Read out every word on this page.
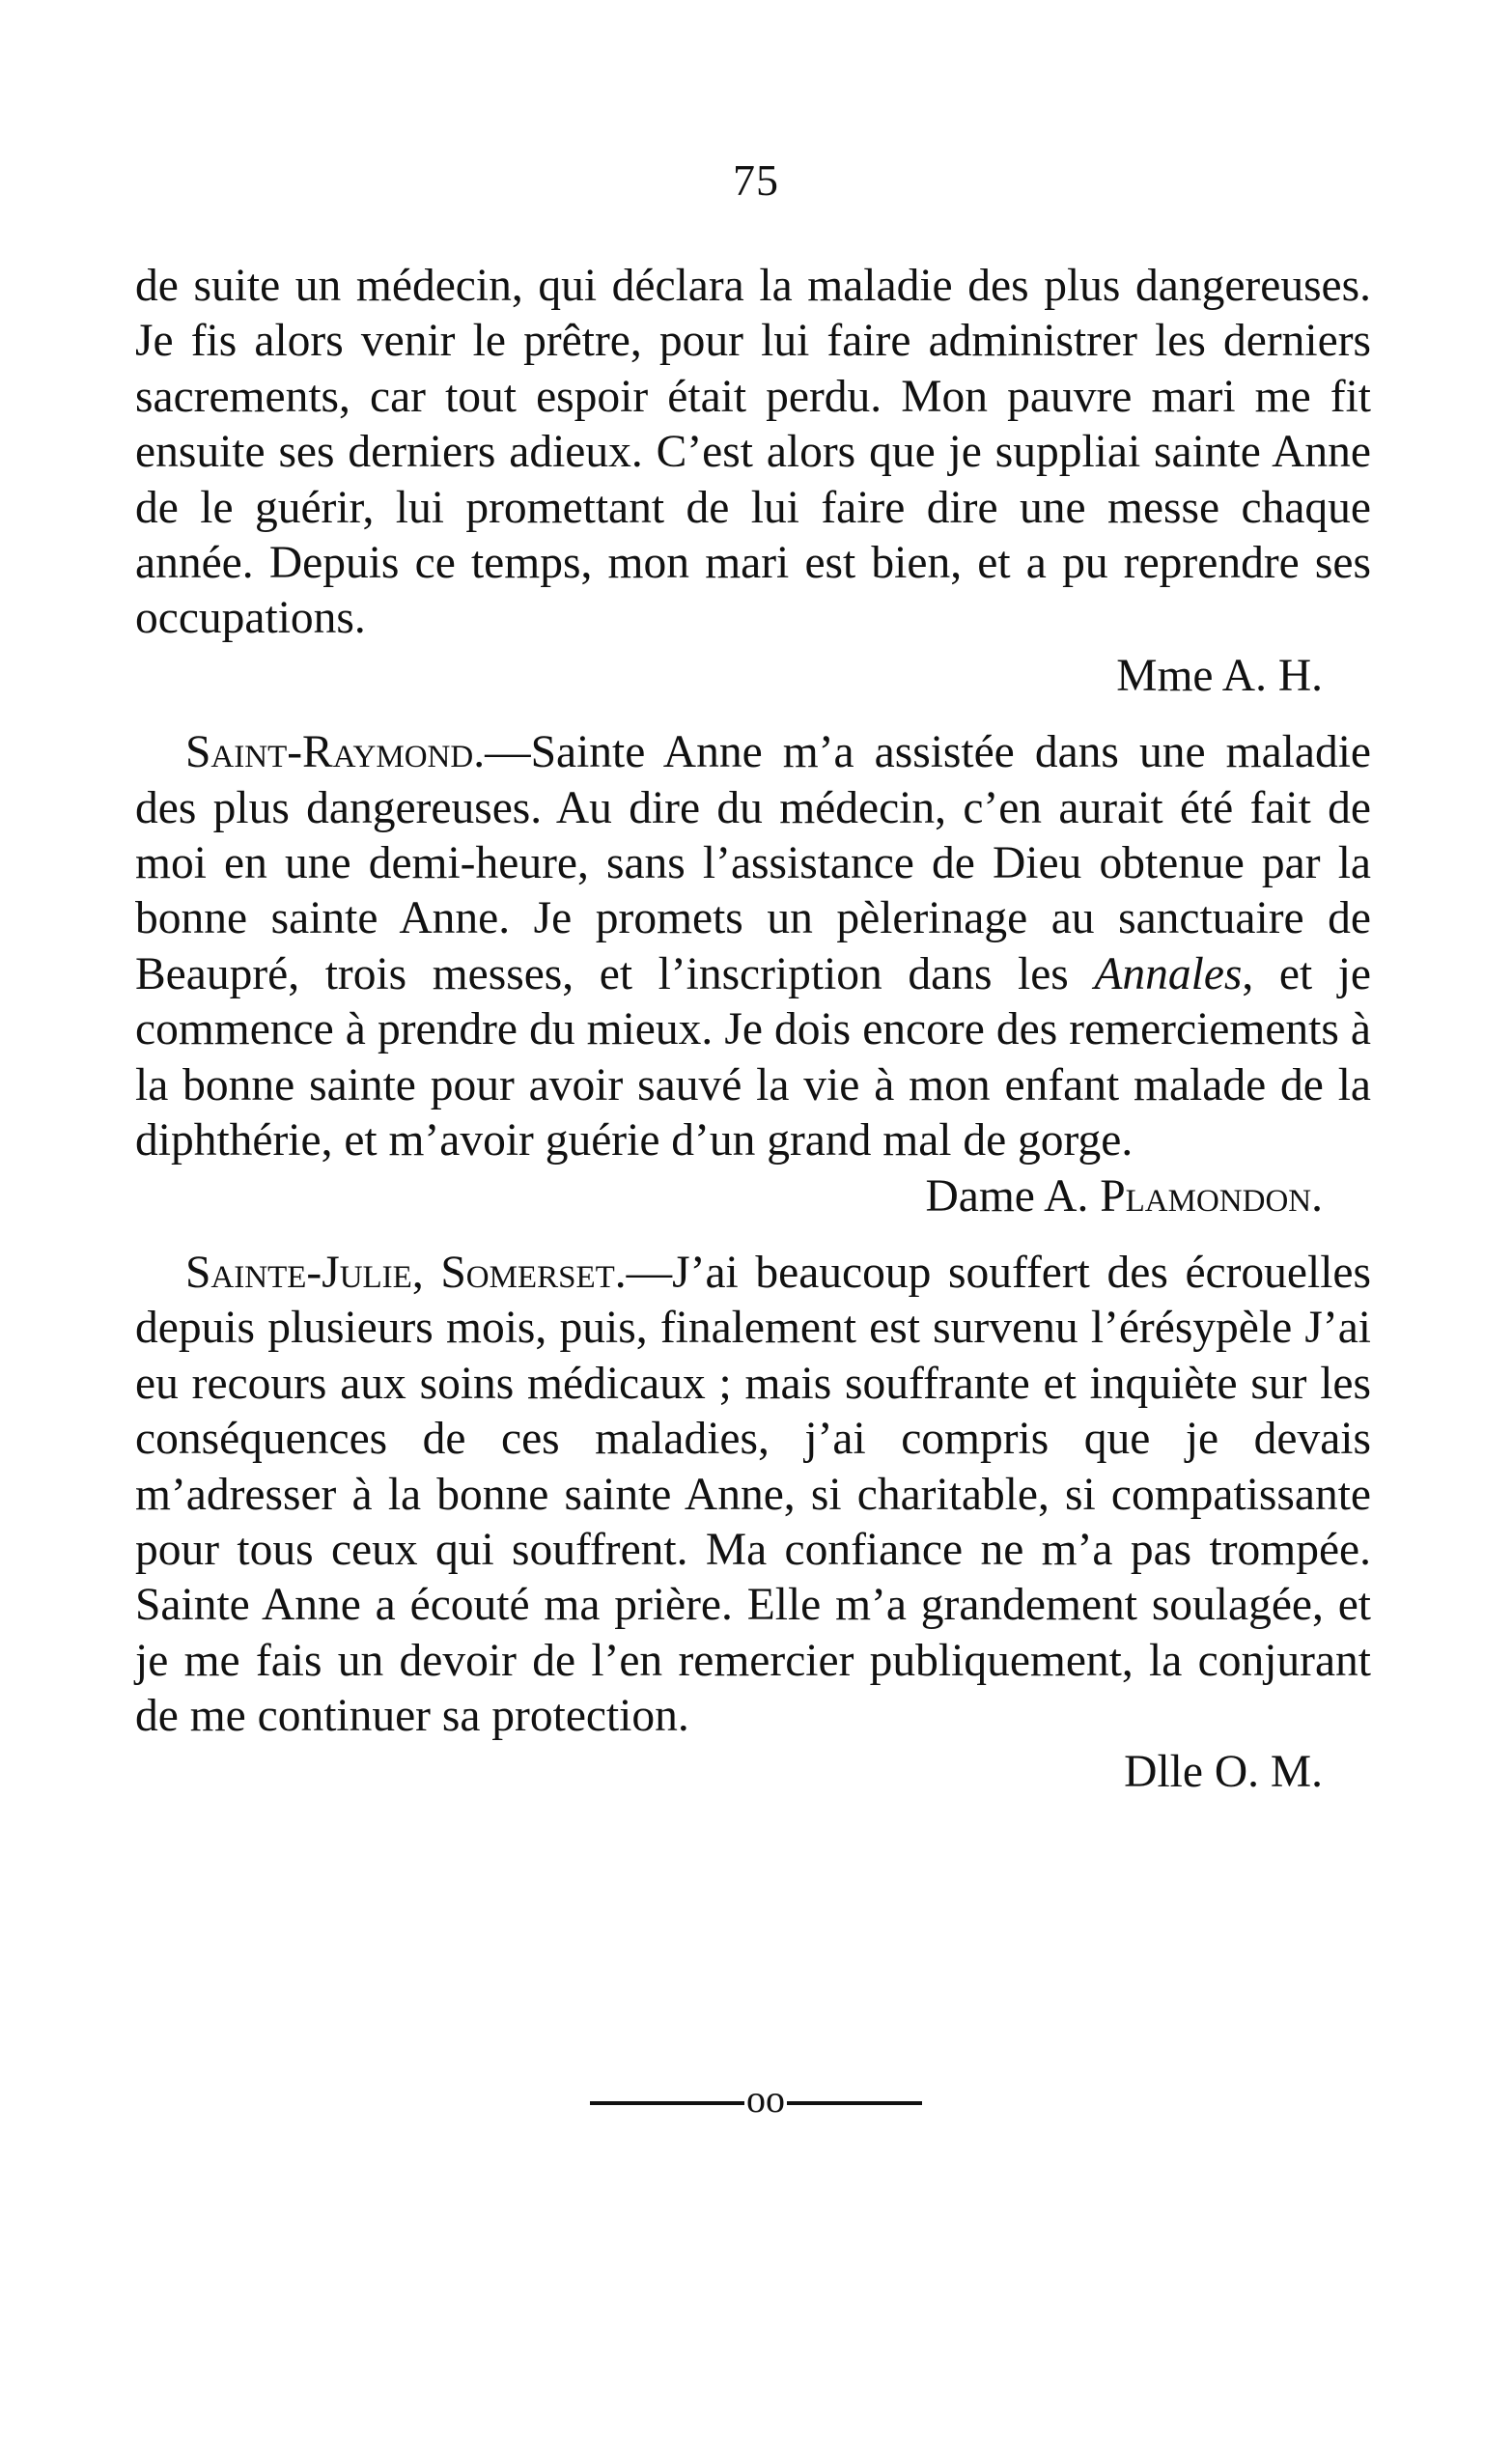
75

de suite un médecin, qui déclara la maladie des plus dangereuses. Je fis alors venir le prêtre, pour lui faire administrer les derniers sacrements, car tout espoir était perdu. Mon pauvre mari me fit ensuite ses derniers adieux. C’est alors que je suppliai sainte Anne de le guérir, lui promettant de lui faire dire une messe chaque année. Depuis ce temps, mon mari est bien, et a pu reprendre ses occupations.

Mme A. H.

Saint-Raymond.—Sainte Anne m’a assistée dans une maladie des plus dangereuses. Au dire du médecin, c’en aurait été fait de moi en une demi-heure, sans l’assistance de Dieu obtenue par la bonne sainte Anne. Je promets un pèlerinage au sanctuaire de Beaupré, trois messes, et l’inscription dans les Annales, et je commence à prendre du mieux. Je dois encore des remerciements à la bonne sainte pour avoir sauvé la vie à mon enfant malade de la diphthérie, et m’avoir guérie d’un grand mal de gorge.

Dame A. Plamondon.

Sainte-Julie, Somerset.—J’ai beaucoup souffert des écrouelles depuis plusieurs mois, puis, finalement est survenu l’érésypèle J’ai eu recours aux soins médicaux ; mais souffrante et inquiète sur les conséquences de ces maladies, j’ai compris que je devais m’adresser à la bonne sainte Anne, si charitable, si compatissante pour tous ceux qui souffrent. Ma confiance ne m’a pas trompée. Sainte Anne a écouté ma prière. Elle m’a grandement soulagée, et je me fais un devoir de l’en remercier publiquement, la conjurant de me continuer sa protection.

Dlle O. M.

oo
